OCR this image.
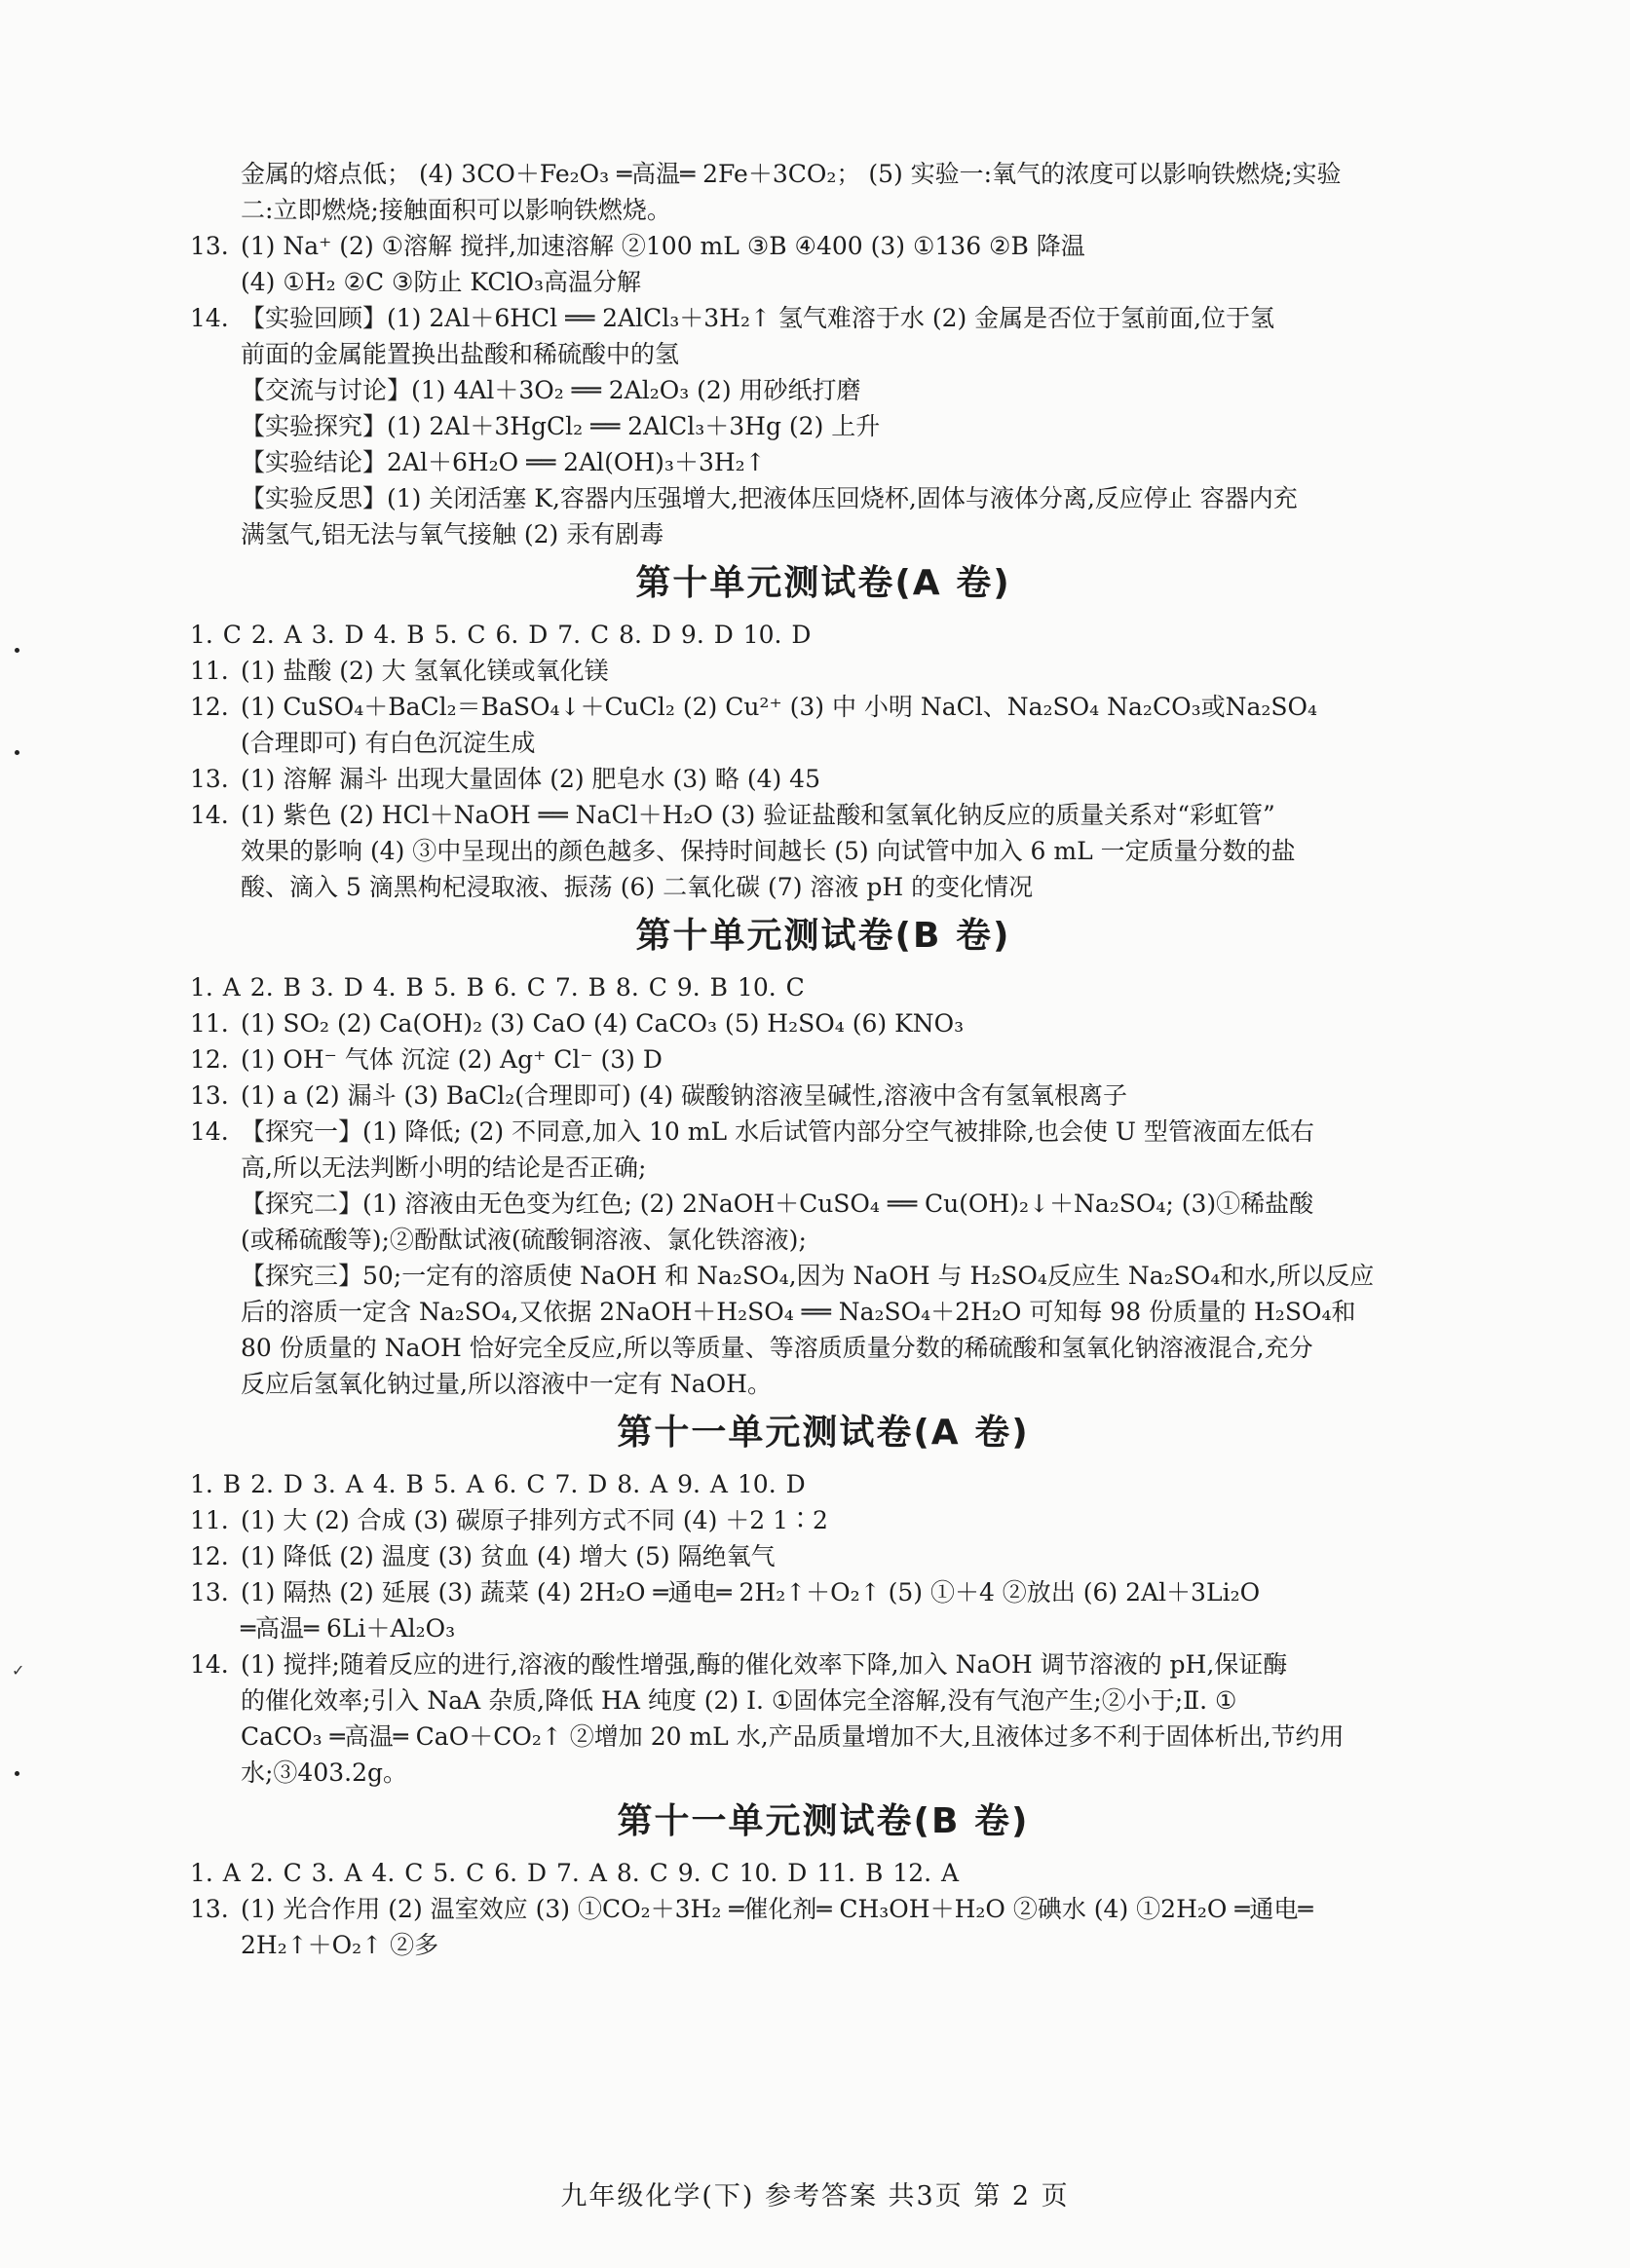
✓
金属的熔点低； (4) 3CO＋Fe₂O₃ ═高温═ 2Fe＋3CO₂； (5) 实验一:氧气的浓度可以影响铁燃烧;实验
二:立即燃烧;接触面积可以影响铁燃烧。
13. (1) Na⁺ (2) ①溶解 搅拌,加速溶解 ②100 mL ③B ④400 (3) ①136 ②B 降温
(4) ①H₂ ②C ③防止 KClO₃高温分解
14. 【实验回顾】(1) 2Al＋6HCl ══ 2AlCl₃＋3H₂↑ 氢气难溶于水 (2) 金属是否位于氢前面,位于氢
前面的金属能置换出盐酸和稀硫酸中的氢
【交流与讨论】(1) 4Al＋3O₂ ══ 2Al₂O₃ (2) 用砂纸打磨
【实验探究】(1) 2Al＋3HgCl₂ ══ 2AlCl₃＋3Hg (2) 上升
【实验结论】2Al＋6H₂O ══ 2Al(OH)₃＋3H₂↑
【实验反思】(1) 关闭活塞 K,容器内压强增大,把液体压回烧杯,固体与液体分离,反应停止 容器内充
满氢气,铝无法与氧气接触 (2) 汞有剧毒
第十单元测试卷(A 卷)
1. C 2. A 3. D 4. B 5. C 6. D 7. C 8. D 9. D 10. D
11. (1) 盐酸 (2) 大 氢氧化镁或氧化镁
12. (1) CuSO₄＋BaCl₂＝BaSO₄↓＋CuCl₂ (2) Cu²⁺ (3) 中 小明 NaCl、Na₂SO₄ Na₂CO₃或Na₂SO₄
(合理即可) 有白色沉淀生成
13. (1) 溶解 漏斗 出现大量固体 (2) 肥皂水 (3) 略 (4) 45
14. (1) 紫色 (2) HCl＋NaOH ══ NaCl＋H₂O (3) 验证盐酸和氢氧化钠反应的质量关系对“彩虹管”
效果的影响 (4) ③中呈现出的颜色越多、保持时间越长 (5) 向试管中加入 6 mL 一定质量分数的盐
酸、滴入 5 滴黑枸杞浸取液、振荡 (6) 二氧化碳 (7) 溶液 pH 的变化情况
第十单元测试卷(B 卷)
1. A 2. B 3. D 4. B 5. B 6. C 7. B 8. C 9. B 10. C
11. (1) SO₂ (2) Ca(OH)₂ (3) CaO (4) CaCO₃ (5) H₂SO₄ (6) KNO₃
12. (1) OH⁻ 气体 沉淀 (2) Ag⁺ Cl⁻ (3) D
13. (1) a (2) 漏斗 (3) BaCl₂(合理即可) (4) 碳酸钠溶液呈碱性,溶液中含有氢氧根离子
14. 【探究一】(1) 降低; (2) 不同意,加入 10 mL 水后试管内部分空气被排除,也会使 U 型管液面左低右
高,所以无法判断小明的结论是否正确;
【探究二】(1) 溶液由无色变为红色; (2) 2NaOH＋CuSO₄ ══ Cu(OH)₂↓＋Na₂SO₄; (3)①稀盐酸
(或稀硫酸等);②酚酞试液(硫酸铜溶液、氯化铁溶液);
【探究三】50;一定有的溶质使 NaOH 和 Na₂SO₄,因为 NaOH 与 H₂SO₄反应生 Na₂SO₄和水,所以反应
后的溶质一定含 Na₂SO₄,又依据 2NaOH＋H₂SO₄ ══ Na₂SO₄＋2H₂O 可知每 98 份质量的 H₂SO₄和
80 份质量的 NaOH 恰好完全反应,所以等质量、等溶质质量分数的稀硫酸和氢氧化钠溶液混合,充分
反应后氢氧化钠过量,所以溶液中一定有 NaOH。
第十一单元测试卷(A 卷)
1. B 2. D 3. A 4. B 5. A 6. C 7. D 8. A 9. A 10. D
11. (1) 大 (2) 合成 (3) 碳原子排列方式不同 (4) ＋2 1∶2
12. (1) 降低 (2) 温度 (3) 贫血 (4) 增大 (5) 隔绝氧气
13. (1) 隔热 (2) 延展 (3) 蔬菜 (4) 2H₂O ═通电═ 2H₂↑＋O₂↑ (5) ①＋4 ②放出 (6) 2Al＋3Li₂O
═高温═ 6Li＋Al₂O₃
14. (1) 搅拌;随着反应的进行,溶液的酸性增强,酶的催化效率下降,加入 NaOH 调节溶液的 pH,保证酶
的催化效率;引入 NaA 杂质,降低 HA 纯度 (2) Ⅰ. ①固体完全溶解,没有气泡产生;②小于;Ⅱ. ①
CaCO₃ ═高温═ CaO＋CO₂↑ ②增加 20 mL 水,产品质量增加不大,且液体过多不利于固体析出,节约用
水;③403.2g。
第十一单元测试卷(B 卷)
1. A 2. C 3. A 4. C 5. C 6. D 7. A 8. C 9. C 10. D 11. B 12. A
13. (1) 光合作用 (2) 温室效应 (3) ①CO₂＋3H₂ ═催化剂═ CH₃OH＋H₂O ②碘水 (4) ①2H₂O ═通电═
2H₂↑＋O₂↑ ②多
九年级化学(下) 参考答案 共3页 第 2 页
